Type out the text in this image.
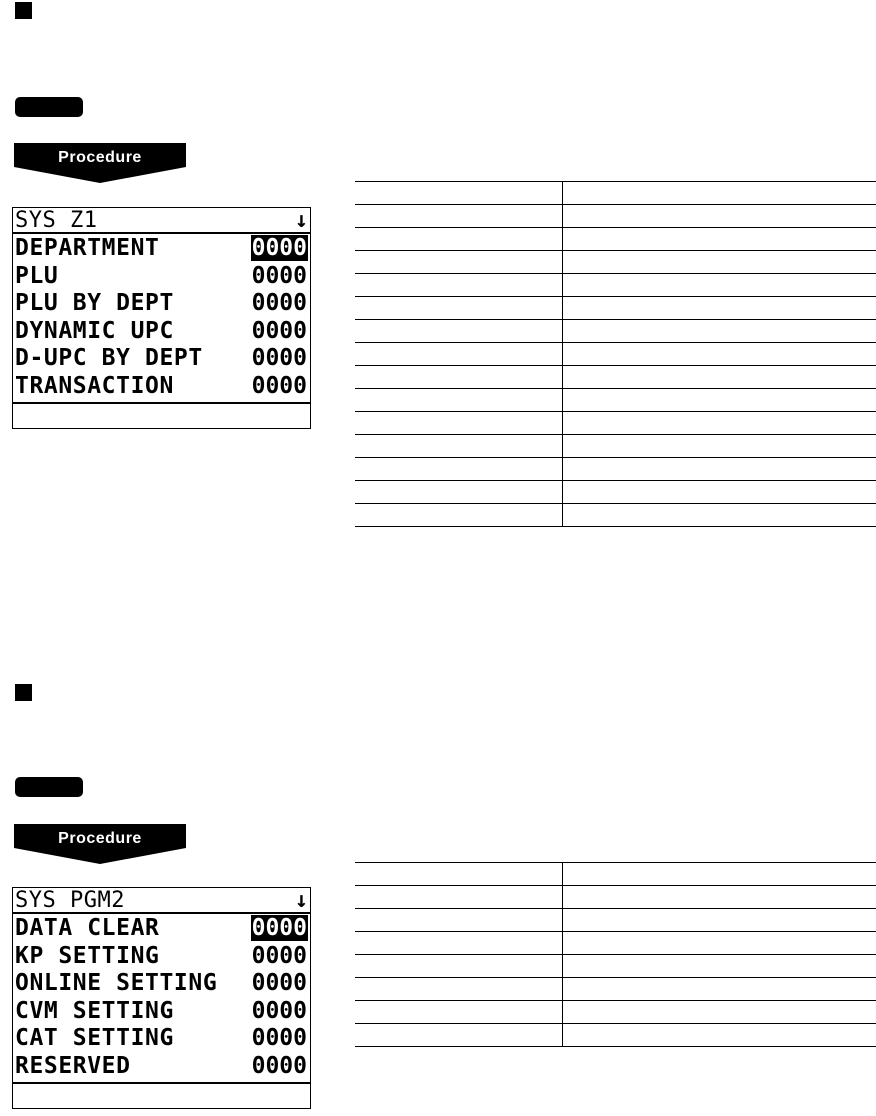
Procedure
SYS Z1	↓
DEPARTMENT	0000
PLU	0000
PLU BY DEPT	0000
DYNAMIC UPC	0000
D-UPC BY DEPT 0000
TRANSACTION	0000

Procedure
SYS PGM2	↓
DATA CLEAR	0000
KP SETTING	0000
ONLINE SETTING 0000
CVM SETTING	0000
CAT SETTING	0000
RESERVED	0000
